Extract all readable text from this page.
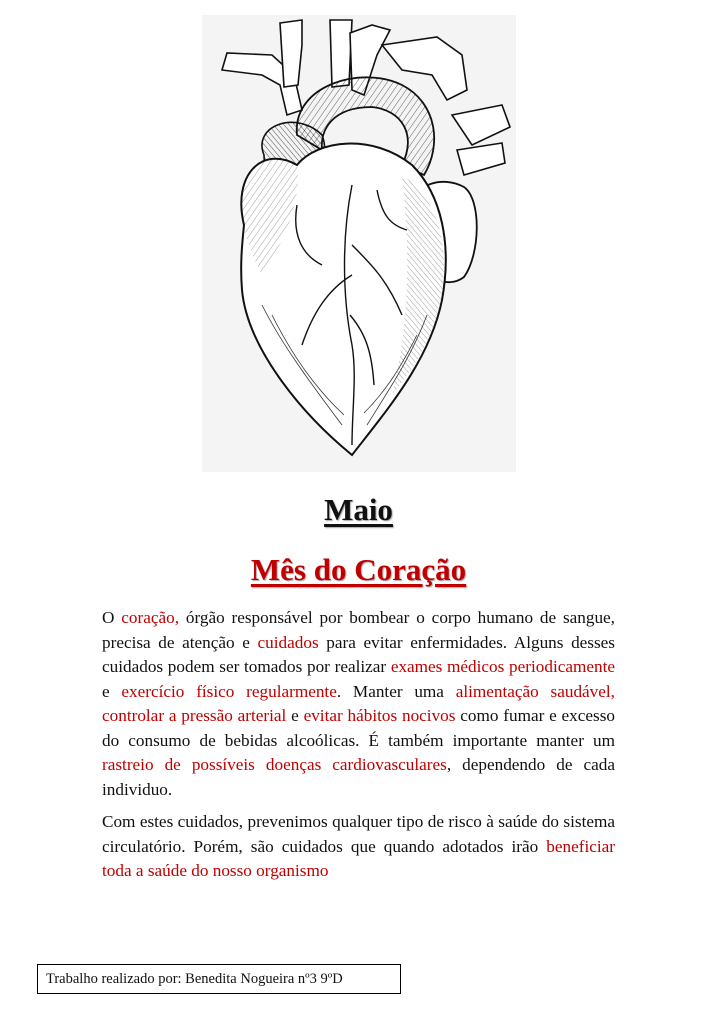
Maio
Mês do Coração

O coração, órgão responsável por bombear o corpo humano de sangue, precisa de atenção e cuidados para evitar enfermidades. Alguns desses cuidados podem ser tomados por realizar exames médicos periodicamente e exercício físico regularmente. Manter uma alimentação saudável, controlar a pressão arterial e evitar hábitos nocivos como fumar e excesso do consumo de bebidas alcoólicas. É também importante manter um rastreio de possíveis doenças cardiovasculares, dependendo de cada individuo.

Com estes cuidados, prevenimos qualquer tipo de risco à saúde do sistema circulatório. Porém, são cuidados que quando adotados irão beneficiar toda a saúde do nosso organismo

Trabalho realizado por: Benedita Nogueira nº3 9ºD
